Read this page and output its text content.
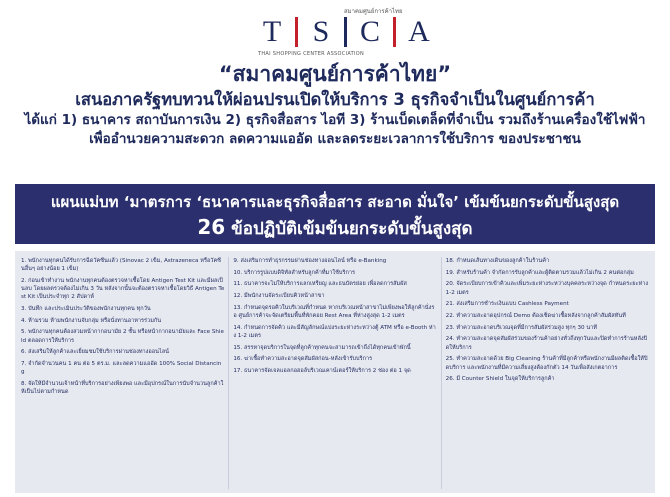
สมาคมศูนย์การค้าไทย
T S C A
THAI SHOPPING CENTER ASSOCIATION
“สมาคมศูนย์การค้าไทย”
เสนอภาครัฐทบทวนให้ผ่อนปรนเปิดให้บริการ 3 ธุรกิจจำเป็นในศูนย์การค้า
ได้แก่ 1) ธนาคาร สถาบันการเงิน 2) ธุรกิจสื่อสาร ไอที 3) ร้านเบ็ดเตล็ดที่จำเป็น รวมถึงร้านเครื่องใช้ไฟฟ้า
เพื่ออำนวยความสะดวก ลดความแออัด และลดระยะเวลาการใช้บริการ ของประชาชน
แผนแม่บท ‘มาตรการ ‘ธนาคารและธุรกิจสื่อสาร สะอาด มั่นใจ’ เข้มข้นยกระดับขั้นสูงสุด
26 ข้อปฏิบัติเข้มข้นยกระดับขั้นสูงสุด
1. พนักงานทุกคนได้รับการฉีดวัคซีนแล้ว (Sinovac 2 เข็ม, Astrazeneca หรือวัคซีนอื่นๆ อย่างน้อย 1 เข็ม)
2. ก่อนเข้าทำงาน พนักงานทุกคนต้องตรวจหาเชื้อโดย Antigen Test Kit และมีผลเป็นลบ โดยผลตรวจต้องไม่เกิน 3 วัน หลังจากนั้นจะต้องตรวจหาเชื้อโดยวิธี Antigen Test Kit เป็นประจำทุก 2 สัปดาห์
3. บันทึก และประเมินประวัติของพนักงานทุกคน ทุกวัน
4. ห้ามรวม ห้ามพนักงานจับกลุ่ม หรือนั่งทานอาหารร่วมกัน
5. พนักงานทุกคนต้องสวมหน้ากากอนามัย 2 ชั้น หรือหน้ากากอนามัยและ Face Shield ตลอดการให้บริการ
6. ส่งเสริมให้ลูกค้าและเยี่ยมชมใช้บริการผ่านช่องทางออนไลน์
7. จำกัดจำนวนคน 1 คน ต่อ 5 ตร.ม. และลดความแออัด 100% Social Distancing
8. จัดให้มีจำนวนเจ้าหน้าที่บริการอย่างเพียงพอ และมีอุปกรณ์ในการนับจำนวนลูกค้าให้เป็นไปตามกำหนด
9. ส่งเสริมการทำธุรกรรมผ่านช่องทางออนไลน์ หรือ e-Banking
10. บริการรูปแบบดิจิทัลสำหรับลูกค้าที่มาใช้บริการ
11. ธนาคารจะไม่ให้บริการแลกเหรียญ และธนบัตรย่อย เพื่อลดการสัมผัส
12. มีพนักงานจัดระเบียบคิวหน้าสาขา
13. กำหนดจุดรอคิวในบริเวณที่กำหนด หากบริเวณหน้าสาขาไม่เพียงพอให้ลูกค้านั่งรอ ศูนย์การค้าจะจัดเตรียมพื้นที่พักคอย Rest Area ที่ห่างสูงสุด 1-2 เมตร
14. กำหนดการจัดคิว และมีสัญลักษณ์แบ่งระยะห่างระหว่างตู้ ATM หรือ e-Booth ห่าง 1-2 เมตร
15. สรรหาจุดบริการในจุดที่ลูกค้าทุกคนจะสามารถเข้าถึงได้ทุกคนเข้าพักนี้
16. ฆ่าเชื้อทำความสะอาดจุดสัมผัสก่อน-หลังเข้ารับบริการ
17. ธนาคารจัดเจลแอลกอฮอล์บริเวณเคาน์เตอร์ให้บริการ 2 ช่อง ต่อ 1 จุด
18. กำหนดเส้นทางเดินของลูกค้าในร้านค้า
19. สำหรับร้านค้า จำกัดการรับลูกค้าและผู้ติดตามรวมแล้วไม่เกิน 2 คนต่อกลุ่ม
20. จัดระเบียบการเข้าคิวและเพิ่มระยะห่างระหว่างบุคคลระหว่างจุด กำหนดระยะห่าง 1-2 เมตร
21. ส่งเสริมการชำระเงินแบบ Cashless Payment
22. ทำความสะอาดอุปกรณ์ Demo ต้องเช็ดฆ่าเชื้อหลังจากลูกค้าสัมผัสทันที
23. ทำความสะอาดบริเวณจุดที่มีการสัมผัสร่วมสูง ทุกๆ 30 นาที
24. ทำความสะอาดจุดสัมผัสร่วมของร้านค้าอย่างทั่วถึงทุกวันและปิดทำการร้านหลังปิดให้บริการ
25. ทำความสะอาดด้วย Big Cleaning ร้านค้าที่มีลูกค้าหรือพนักงานมีผลติดเชื้อให้ปิดบริการ และพนักงานที่มีความเสี่ยงสูงต้องกักตัว 14 วันเพื่อสังเกตอาการ
26. มี Counter Shield ในจุดให้บริการลูกค้า
